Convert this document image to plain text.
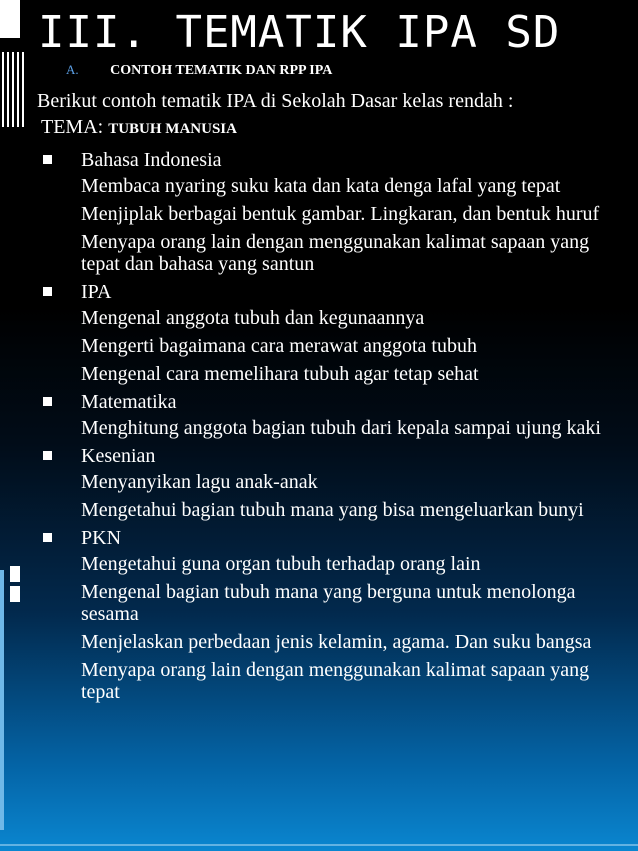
III. TEMATIK IPA SD
A. CONTOH TEMATIK DAN RPP IPA
Berikut contoh tematik IPA di Sekolah Dasar kelas rendah :
TEMA: TUBUH MANUSIA
Bahasa Indonesia
Membaca nyaring suku kata dan kata denga lafal yang tepat
Menjiplak berbagai bentuk gambar. Lingkaran, dan bentuk huruf
Menyapa orang lain dengan menggunakan kalimat sapaan yang tepat dan bahasa yang santun
IPA
Mengenal anggota tubuh dan kegunaannya
Mengerti bagaimana cara merawat anggota tubuh
Mengenal cara memelihara tubuh agar tetap sehat
Matematika
Menghitung anggota bagian tubuh dari kepala sampai ujung kaki
Kesenian
Menyanyikan lagu anak-anak
Mengetahui bagian tubuh mana yang bisa mengeluarkan bunyi
PKN
Mengetahui guna organ tubuh terhadap orang lain
Mengenal bagian tubuh mana yang berguna untuk menolonga sesama
Menjelaskan perbedaan jenis kelamin, agama. Dan suku bangsa
Menyapa orang lain dengan menggunakan kalimat sapaan yang tepat
